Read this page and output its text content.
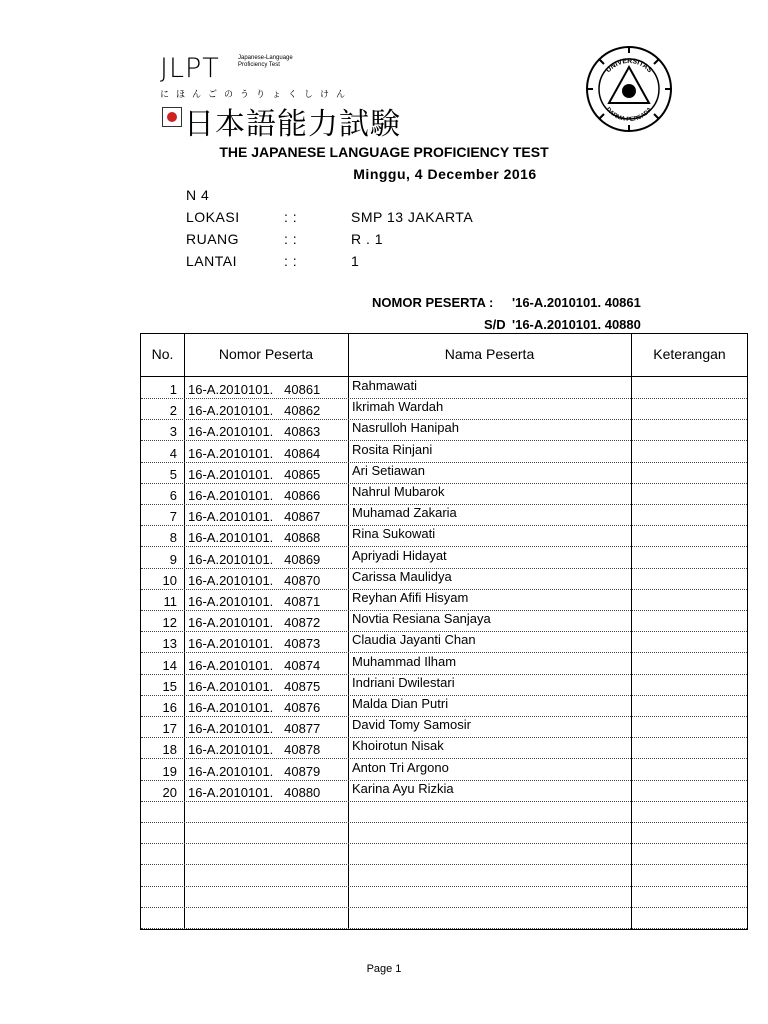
JLPT	Japanese-Language Proficiency Test
にほんごのうりょくしけん
日本語能力試験
UNIVERSITAS
DARMA PERSADA
THE JAPANESE LANGUAGE PROFICIENCY TEST
Minggu, 4 December 2016
N 4
LOKASI	: :	SMP 13 JAKARTA
RUANG	: :	R . 1
LANTAI	: :	1
NOMOR PESERTA : '16-A.2010101. 40861
S/D '16-A.2010101. 40880
No.	Nomor Peserta	Nama Peserta	Keterangan
1 16-A.2010101.   40861 Rahmawati
2 16-A.2010101.   40862 Ikrimah Wardah
3 16-A.2010101.   40863 Nasrulloh Hanipah
4 16-A.2010101.   40864 Rosita Rinjani
5 16-A.2010101.   40865 Ari Setiawan
6 16-A.2010101.   40866 Nahrul Mubarok
7 16-A.2010101.   40867 Muhamad Zakaria
8 16-A.2010101.   40868 Rina Sukowati
9 16-A.2010101.   40869 Apriyadi Hidayat
10 16-A.2010101.   40870 Carissa Maulidya
11 16-A.2010101.   40871 Reyhan Afifi Hisyam
12 16-A.2010101.   40872 Novtia Resiana Sanjaya
13 16-A.2010101.   40873 Claudia Jayanti Chan
14 16-A.2010101.   40874 Muhammad Ilham
15 16-A.2010101.   40875 Indriani Dwilestari
16 16-A.2010101.   40876 Malda Dian Putri
17 16-A.2010101.   40877 David Tomy Samosir
18 16-A.2010101.   40878 Khoirotun Nisak
19 16-A.2010101.   40879 Anton Tri Argono
20 16-A.2010101.   40880 Karina Ayu Rizkia
Page 1
